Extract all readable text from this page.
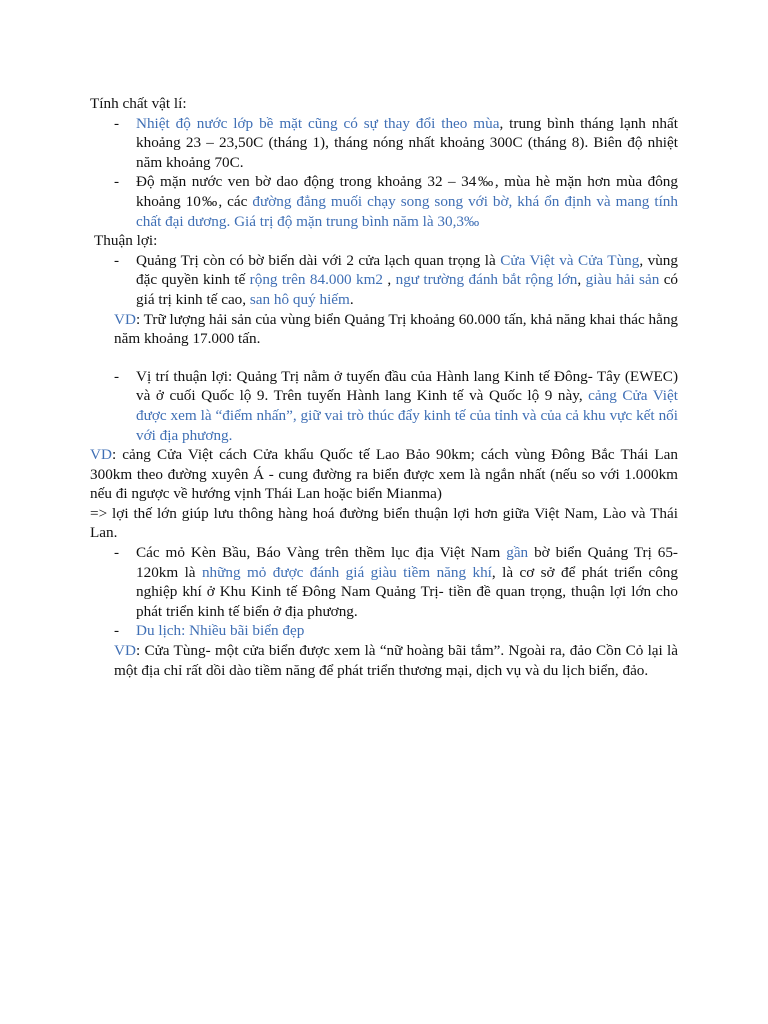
Tính chất vật lí:

-	Nhiệt độ nước lớp bề mặt cũng có sự thay đổi theo mùa, trung bình tháng lạnh nhất khoảng 23 – 23,50C (tháng 1), tháng nóng nhất khoảng 300C (tháng 8). Biên độ nhiệt năm khoảng 70C.
-	Độ mặn nước ven bờ dao động trong khoảng 32 – 34‰, mùa hè mặn hơn mùa đông khoảng 10‰, các đường đẳng muối chạy song song với bờ, khá ổn định và mang tính chất đại dương. Giá trị độ mặn trung bình năm là 30,3‰

Thuận lợi:

-	Quảng Trị còn có bờ biển dài với 2 cửa lạch quan trọng là Cửa Việt và Cửa Tùng, vùng đặc quyền kinh tế rộng trên 84.000 km2 , ngư trường đánh bắt rộng lớn, giàu hải sản có giá trị kinh tế cao, san hô quý hiếm.

VD: Trữ lượng hải sản của vùng biển Quảng Trị khoảng 60.000 tấn, khả năng khai thác hằng năm khoảng 17.000 tấn.

-	Vị trí thuận lợi: Quảng Trị nằm ở tuyến đầu của Hành lang Kinh tế Đông- Tây (EWEC) và ở cuối Quốc lộ 9. Trên tuyến Hành lang Kinh tế và Quốc lộ 9 này, cảng Cửa Việt được xem là “điểm nhấn”, giữ vai trò thúc đẩy kinh tế của tỉnh và của cả khu vực kết nối với địa phương.

VD: cảng Cửa Việt cách Cửa khẩu Quốc tế Lao Bảo 90km; cách vùng Đông Bắc Thái Lan 300km theo đường xuyên Á - cung đường ra biển được xem là ngắn nhất (nếu so với 1.000km nếu đi ngược về hướng vịnh Thái Lan hoặc biển Mianma)

=> lợi thế lớn giúp lưu thông hàng hoá đường biển thuận lợi hơn giữa Việt Nam, Lào và Thái Lan.

-	Các mỏ Kèn Bầu, Báo Vàng trên thềm lục địa Việt Nam gần bờ biển Quảng Trị 65-120km là những mỏ được đánh giá giàu tiềm năng khí, là cơ sở để phát triển công nghiệp khí ở Khu Kinh tế Đông Nam Quảng Trị- tiền đề quan trọng, thuận lợi lớn cho phát triển kinh tế biển ở địa phương.
-	Du lịch: Nhiều bãi biển đẹp

VD: Cửa Tùng- một cửa biển được xem là “nữ hoàng bãi tắm”. Ngoài ra, đảo Cồn Cỏ lại là một địa chỉ rất dồi dào tiềm năng để phát triển thương mại, dịch vụ và du lịch biển, đảo.
